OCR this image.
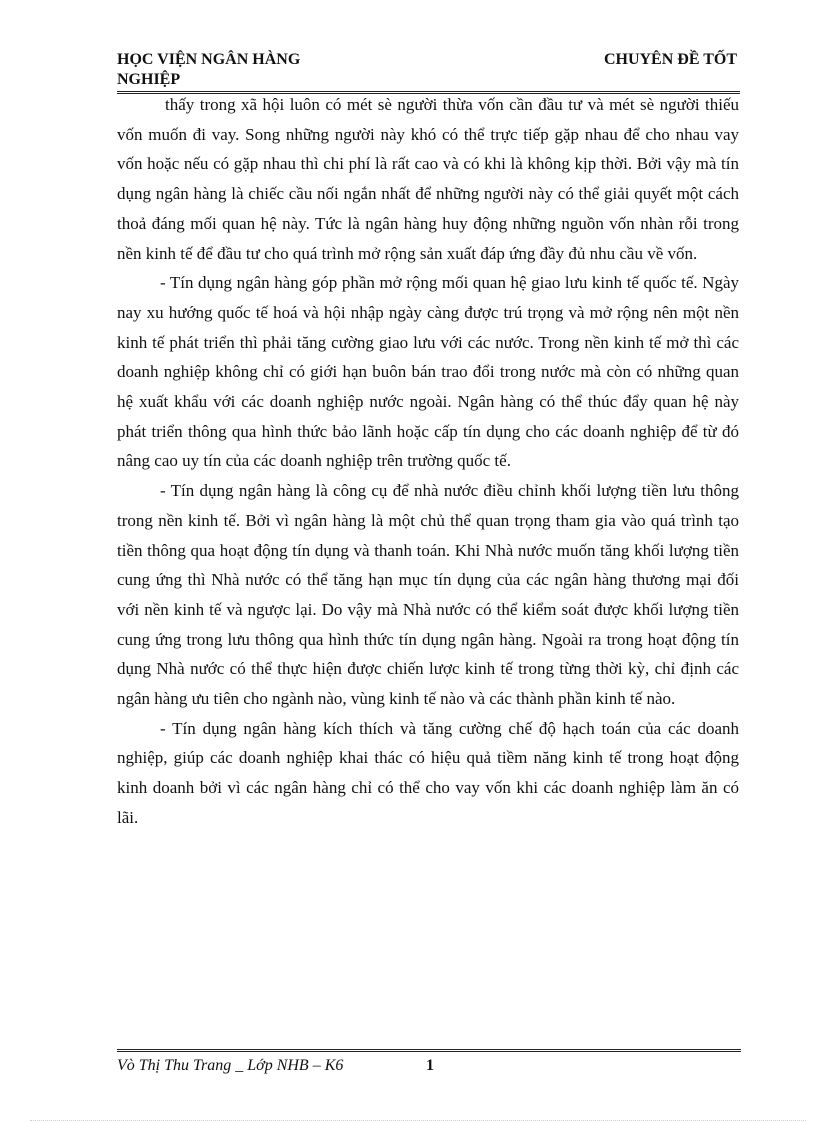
HỌC VIỆN NGÂN HÀNG
NGHIỆP
CHUYÊN ĐỀ TỐT

thấy trong xã hội luôn có mét sè người thừa vốn cần đầu tư và mét sè người thiếu vốn muốn đi vay. Song những người này khó có thể trực tiếp gặp nhau để cho nhau vay vốn hoặc nếu có gặp nhau thì chi phí là rất cao và có khi là không kịp thời. Bởi vậy mà tín dụng ngân hàng là chiếc cầu nối ngắn nhất để những người này có thể giải quyết một cách thoả đáng mối quan hệ này. Tức là ngân hàng huy động những nguồn vốn nhàn rỗi trong nền kinh tế để đầu tư cho quá trình mở rộng sản xuất đáp ứng đầy đủ nhu cầu về vốn.

- Tín dụng ngân hàng góp phần mở rộng mối quan hệ giao lưu kinh tế quốc tế. Ngày nay xu hướng quốc tế hoá và hội nhập ngày càng được trú trọng và mở rộng nên một nền kinh tế phát triển thì phải tăng cường giao lưu với các nước. Trong nền kinh tế mở thì các doanh nghiệp không chỉ có giới hạn buôn bán trao đổi trong nước mà còn có những quan hệ xuất khẩu với các doanh nghiệp nước ngoài. Ngân hàng có thể thúc đẩy quan hệ này phát triển thông qua hình thức bảo lãnh hoặc cấp tín dụng cho các doanh nghiệp để từ đó nâng cao uy tín của các doanh nghiệp trên trường quốc tế.

- Tín dụng ngân hàng là công cụ để nhà nước điều chỉnh khối lượng tiền lưu thông trong nền kinh tế. Bởi vì ngân hàng là một chủ thể quan trọng tham gia vào quá trình tạo tiền thông qua hoạt động tín dụng và thanh toán. Khi Nhà nước muốn tăng khối lượng tiền cung ứng thì Nhà nước có thể tăng hạn mục tín dụng của các ngân hàng thương mại đối với nền kinh tế và ngược lại. Do vậy mà Nhà nước có thể kiểm soát được khối lượng tiền cung ứng trong lưu thông qua hình thức tín dụng ngân hàng. Ngoài ra trong hoạt động tín dụng Nhà nước có thể thực hiện được chiến lược kinh tế trong từng thời kỳ, chỉ định các ngân hàng ưu tiên cho ngành nào, vùng kinh tế nào và các thành phần kinh tế nào.

- Tín dụng ngân hàng kích thích và tăng cường chế độ hạch toán của các doanh nghiệp, giúp các doanh nghiệp khai thác có hiệu quả tiềm năng kinh tế trong hoạt động kinh doanh bởi vì các ngân hàng chỉ có thể cho vay vốn khi các doanh nghiệp làm ăn có lãi.

Vò Thị Thu Trang _ Lớp NHB – K6	1
